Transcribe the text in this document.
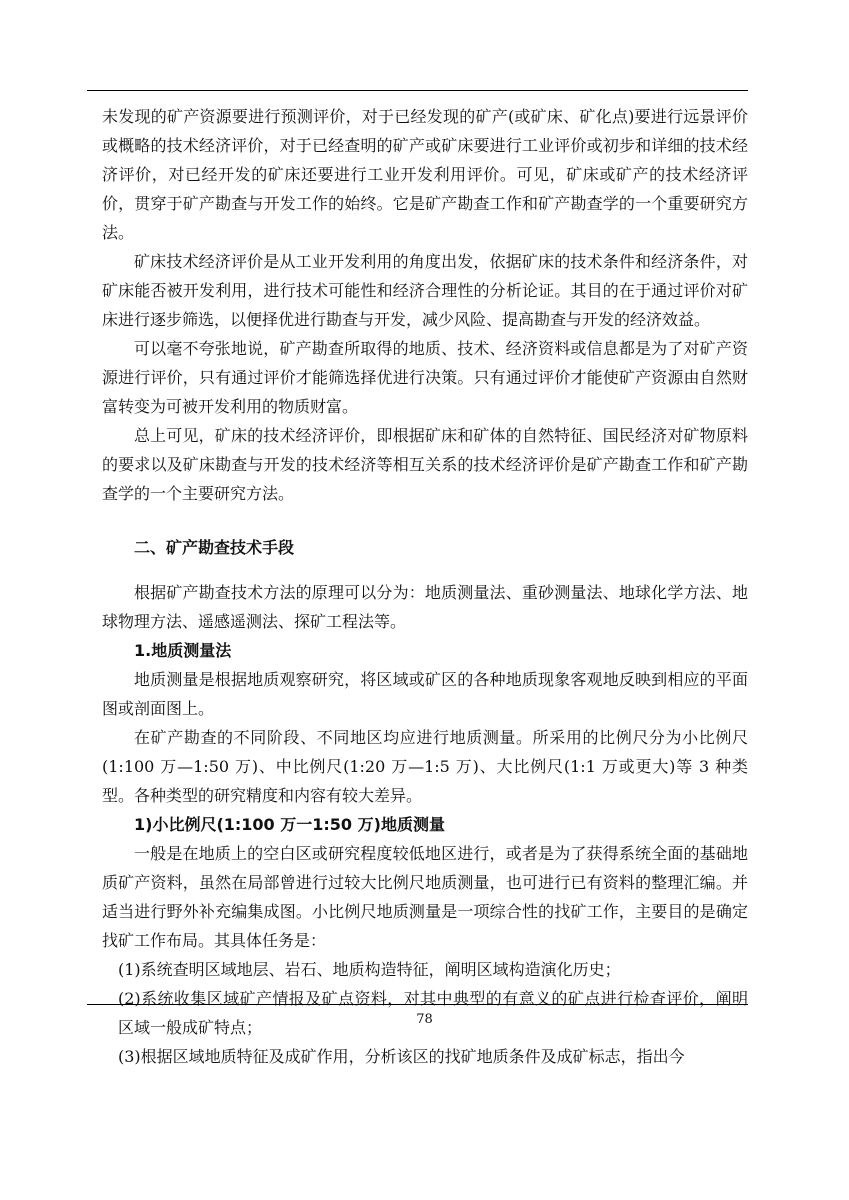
未发现的矿产资源要进行预测评价，对于已经发现的矿产(或矿床、矿化点)要进行远景评价或概略的技术经济评价，对于已经查明的矿产或矿床要进行工业评价或初步和详细的技术经济评价，对已经开发的矿床还要进行工业开发利用评价。可见，矿床或矿产的技术经济评价，贯穿于矿产勘查与开发工作的始终。它是矿产勘查工作和矿产勘查学的一个重要研究方法。

矿床技术经济评价是从工业开发利用的角度出发，依据矿床的技术条件和经济条件，对矿床能否被开发利用，进行技术可能性和经济合理性的分析论证。其目的在于通过评价对矿床进行逐步筛选，以便择优进行勘查与开发，减少风险、提高勘查与开发的经济效益。

可以毫不夸张地说，矿产勘查所取得的地质、技术、经济资料或信息都是为了对矿产资源进行评价，只有通过评价才能筛选择优进行决策。只有通过评价才能使矿产资源由自然财富转变为可被开发利用的物质财富。

总上可见，矿床的技术经济评价，即根据矿床和矿体的自然特征、国民经济对矿物原料的要求以及矿床勘查与开发的技术经济等相互关系的技术经济评价是矿产勘查工作和矿产勘查学的一个主要研究方法。

二、矿产勘查技术手段

根据矿产勘查技术方法的原理可以分为：地质测量法、重砂测量法、地球化学方法、地球物理方法、遥感遥测法、探矿工程法等。

1.地质测量法

地质测量是根据地质观察研究，将区域或矿区的各种地质现象客观地反映到相应的平面图或剖面图上。

在矿产勘查的不同阶段、不同地区均应进行地质测量。所采用的比例尺分为小比例尺(1:100 万—1:50 万)、中比例尺(1:20 万—1:5 万)、大比例尺(1:1 万或更大)等 3 种类型。各种类型的研究精度和内容有较大差异。

1)小比例尺(1:100 万一1:50 万)地质测量

一般是在地质上的空白区或研究程度较低地区进行，或者是为了获得系统全面的基础地质矿产资料，虽然在局部曾进行过较大比例尺地质测量，也可进行已有资料的整理汇编。并适当进行野外补充编集成图。小比例尺地质测量是一项综合性的找矿工作，主要目的是确定找矿工作布局。其具体任务是：

(1)系统查明区域地层、岩石、地质构造特征，阐明区域构造演化历史；

(2)系统收集区域矿产情报及矿点资料，对其中典型的有意义的矿点进行检查评价，阐明区域一般成矿特点；

(3)根据区域地质特征及成矿作用，分析该区的找矿地质条件及成矿标志，指出今

78
